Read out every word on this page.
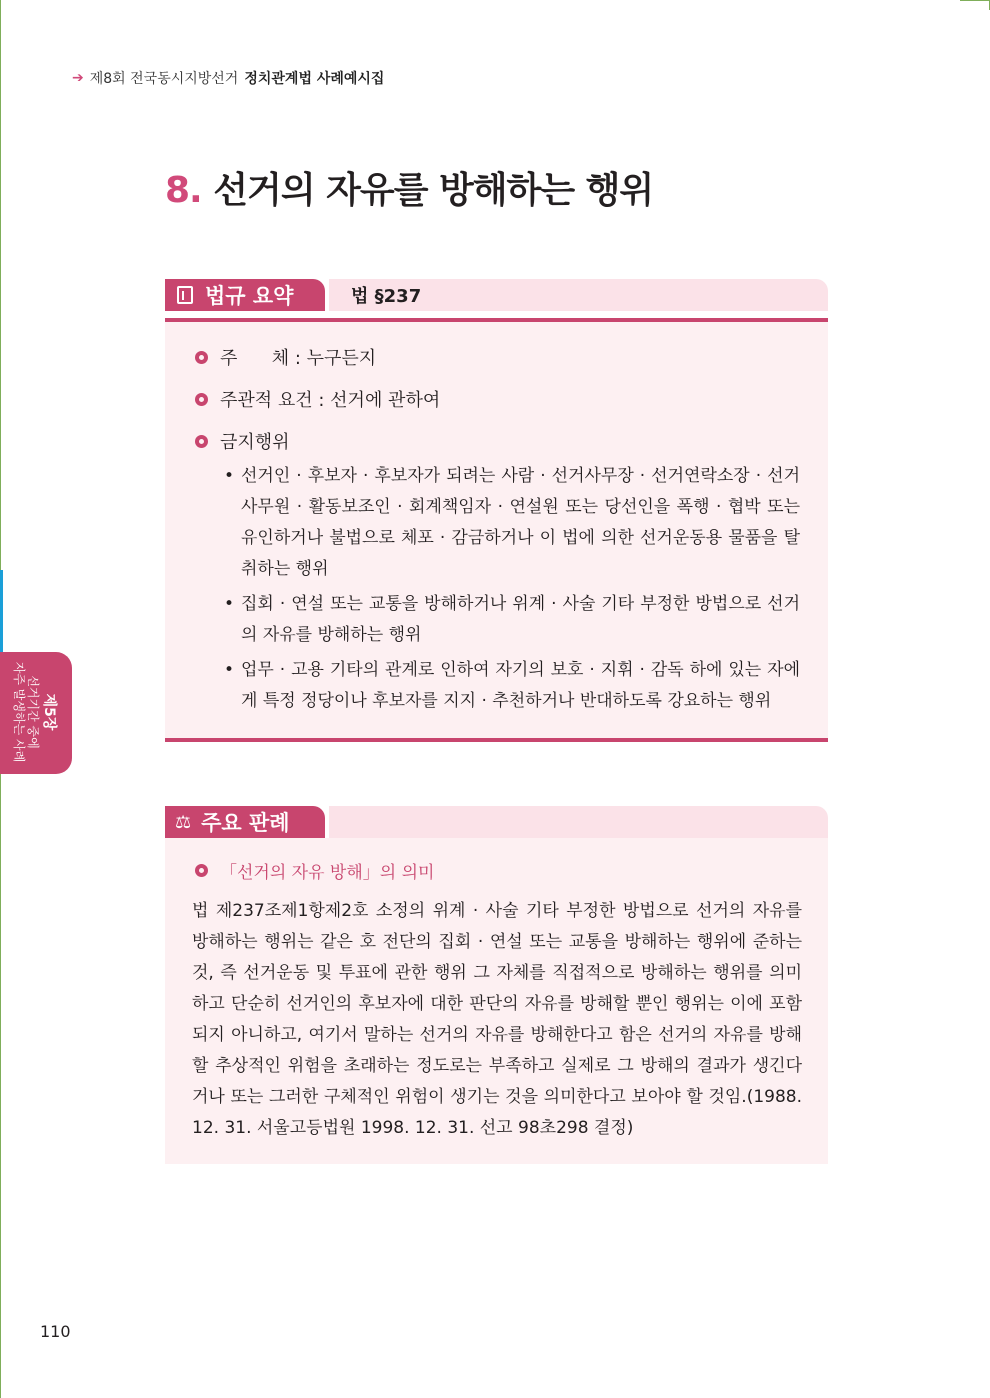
➔ 제8회 전국동시지방선거 정치관계법 사례예시집
8. 선거의 자유를 방해하는 행위
법규 요약	법 §237
주      체 : 누구든지
주관적 요건 : 선거에 관하여
금지행위
• 선거인 · 후보자 · 후보자가 되려는 사람 · 선거사무장 · 선거연락소장 · 선거사무원 · 활동보조인 · 회계책임자 · 연설원 또는 당선인을 폭행 · 협박 또는 유인하거나 불법으로 체포 · 감금하거나 이 법에 의한 선거운동용 물품을 탈취하는 행위
• 집회 · 연설 또는 교통을 방해하거나 위계 · 사술 기타 부정한 방법으로 선거의 자유를 방해하는 행위
• 업무 · 고용 기타의 관계로 인하여 자기의 보호 · 지휘 · 감독 하에 있는 자에게 특정 정당이나 후보자를 지지 · 추천하거나 반대하도록 강요하는 행위
⚖ 주요 판례
「선거의 자유 방해」의 의미
법 제237조제1항제2호 소정의 위계 · 사술 기타 부정한 방법으로 선거의 자유를 방해하는 행위는 같은 호 전단의 집회 · 연설 또는 교통을 방해하는 행위에 준하는 것, 즉 선거운동 및 투표에 관한 행위 그 자체를 직접적으로 방해하는 행위를 의미하고 단순히 선거인의 후보자에 대한 판단의 자유를 방해할 뿐인 행위는 이에 포함되지 아니하고, 여기서 말하는 선거의 자유를 방해한다고 함은 선거의 자유를 방해할 추상적인 위험을 초래하는 정도로는 부족하고 실제로 그 방해의 결과가 생긴다거나 또는 그러한 구체적인 위험이 생기는 것을 의미한다고 보아야 할 것임.(1988. 12. 31. 서울고등법원 1998. 12. 31. 선고 98초298 결정)
제5장
선거기간 중에
자주 발생하는 사례
110
